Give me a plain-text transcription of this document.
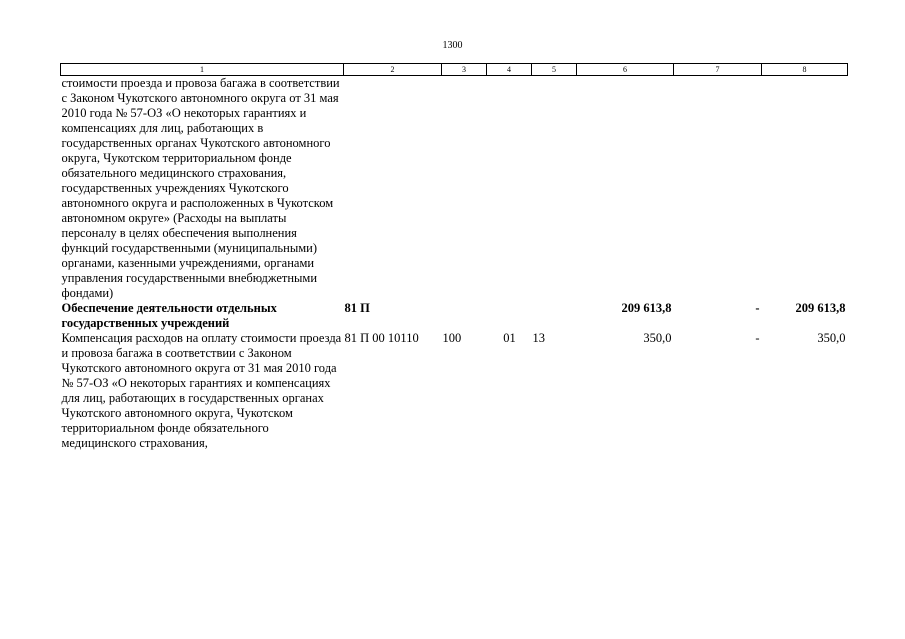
1300
1	2	3	4	5	6	7	8
стоимости проезда и провоза багажа в соответствии с Законом Чукотского автономного округа от 31 мая 2010 года № 57-ОЗ «О некоторых гарантиях и компенсациях для лиц, работающих в государственных органах Чукотского автономного округа, Чукотском территориальном фонде обязательного медицинского страхования, государственных учреждениях Чукотского автономного округа и расположенных в Чукотском автономном округе» (Расходы на выплаты персоналу в целях обеспечения выполнения функций государственными (муниципальными) органами, казенными учреждениями, органами управления государственными внебюджетными фондами)							
Обеспечение деятельности отдельных государственных учреждений	81 П				209 613,8	-	209 613,8
Компенсация расходов на оплату стоимости проезда и провоза багажа в соответствии с Законом Чукотского автономного округа от 31 мая 2010 года № 57-ОЗ «О некоторых гарантиях и компенсациях для лиц, работающих в государственных органах Чукотского автономного округа, Чукотском территориальном фонде обязательного медицинского страхования,	81 П 00 10110	100	01	13	350,0	-	350,0
